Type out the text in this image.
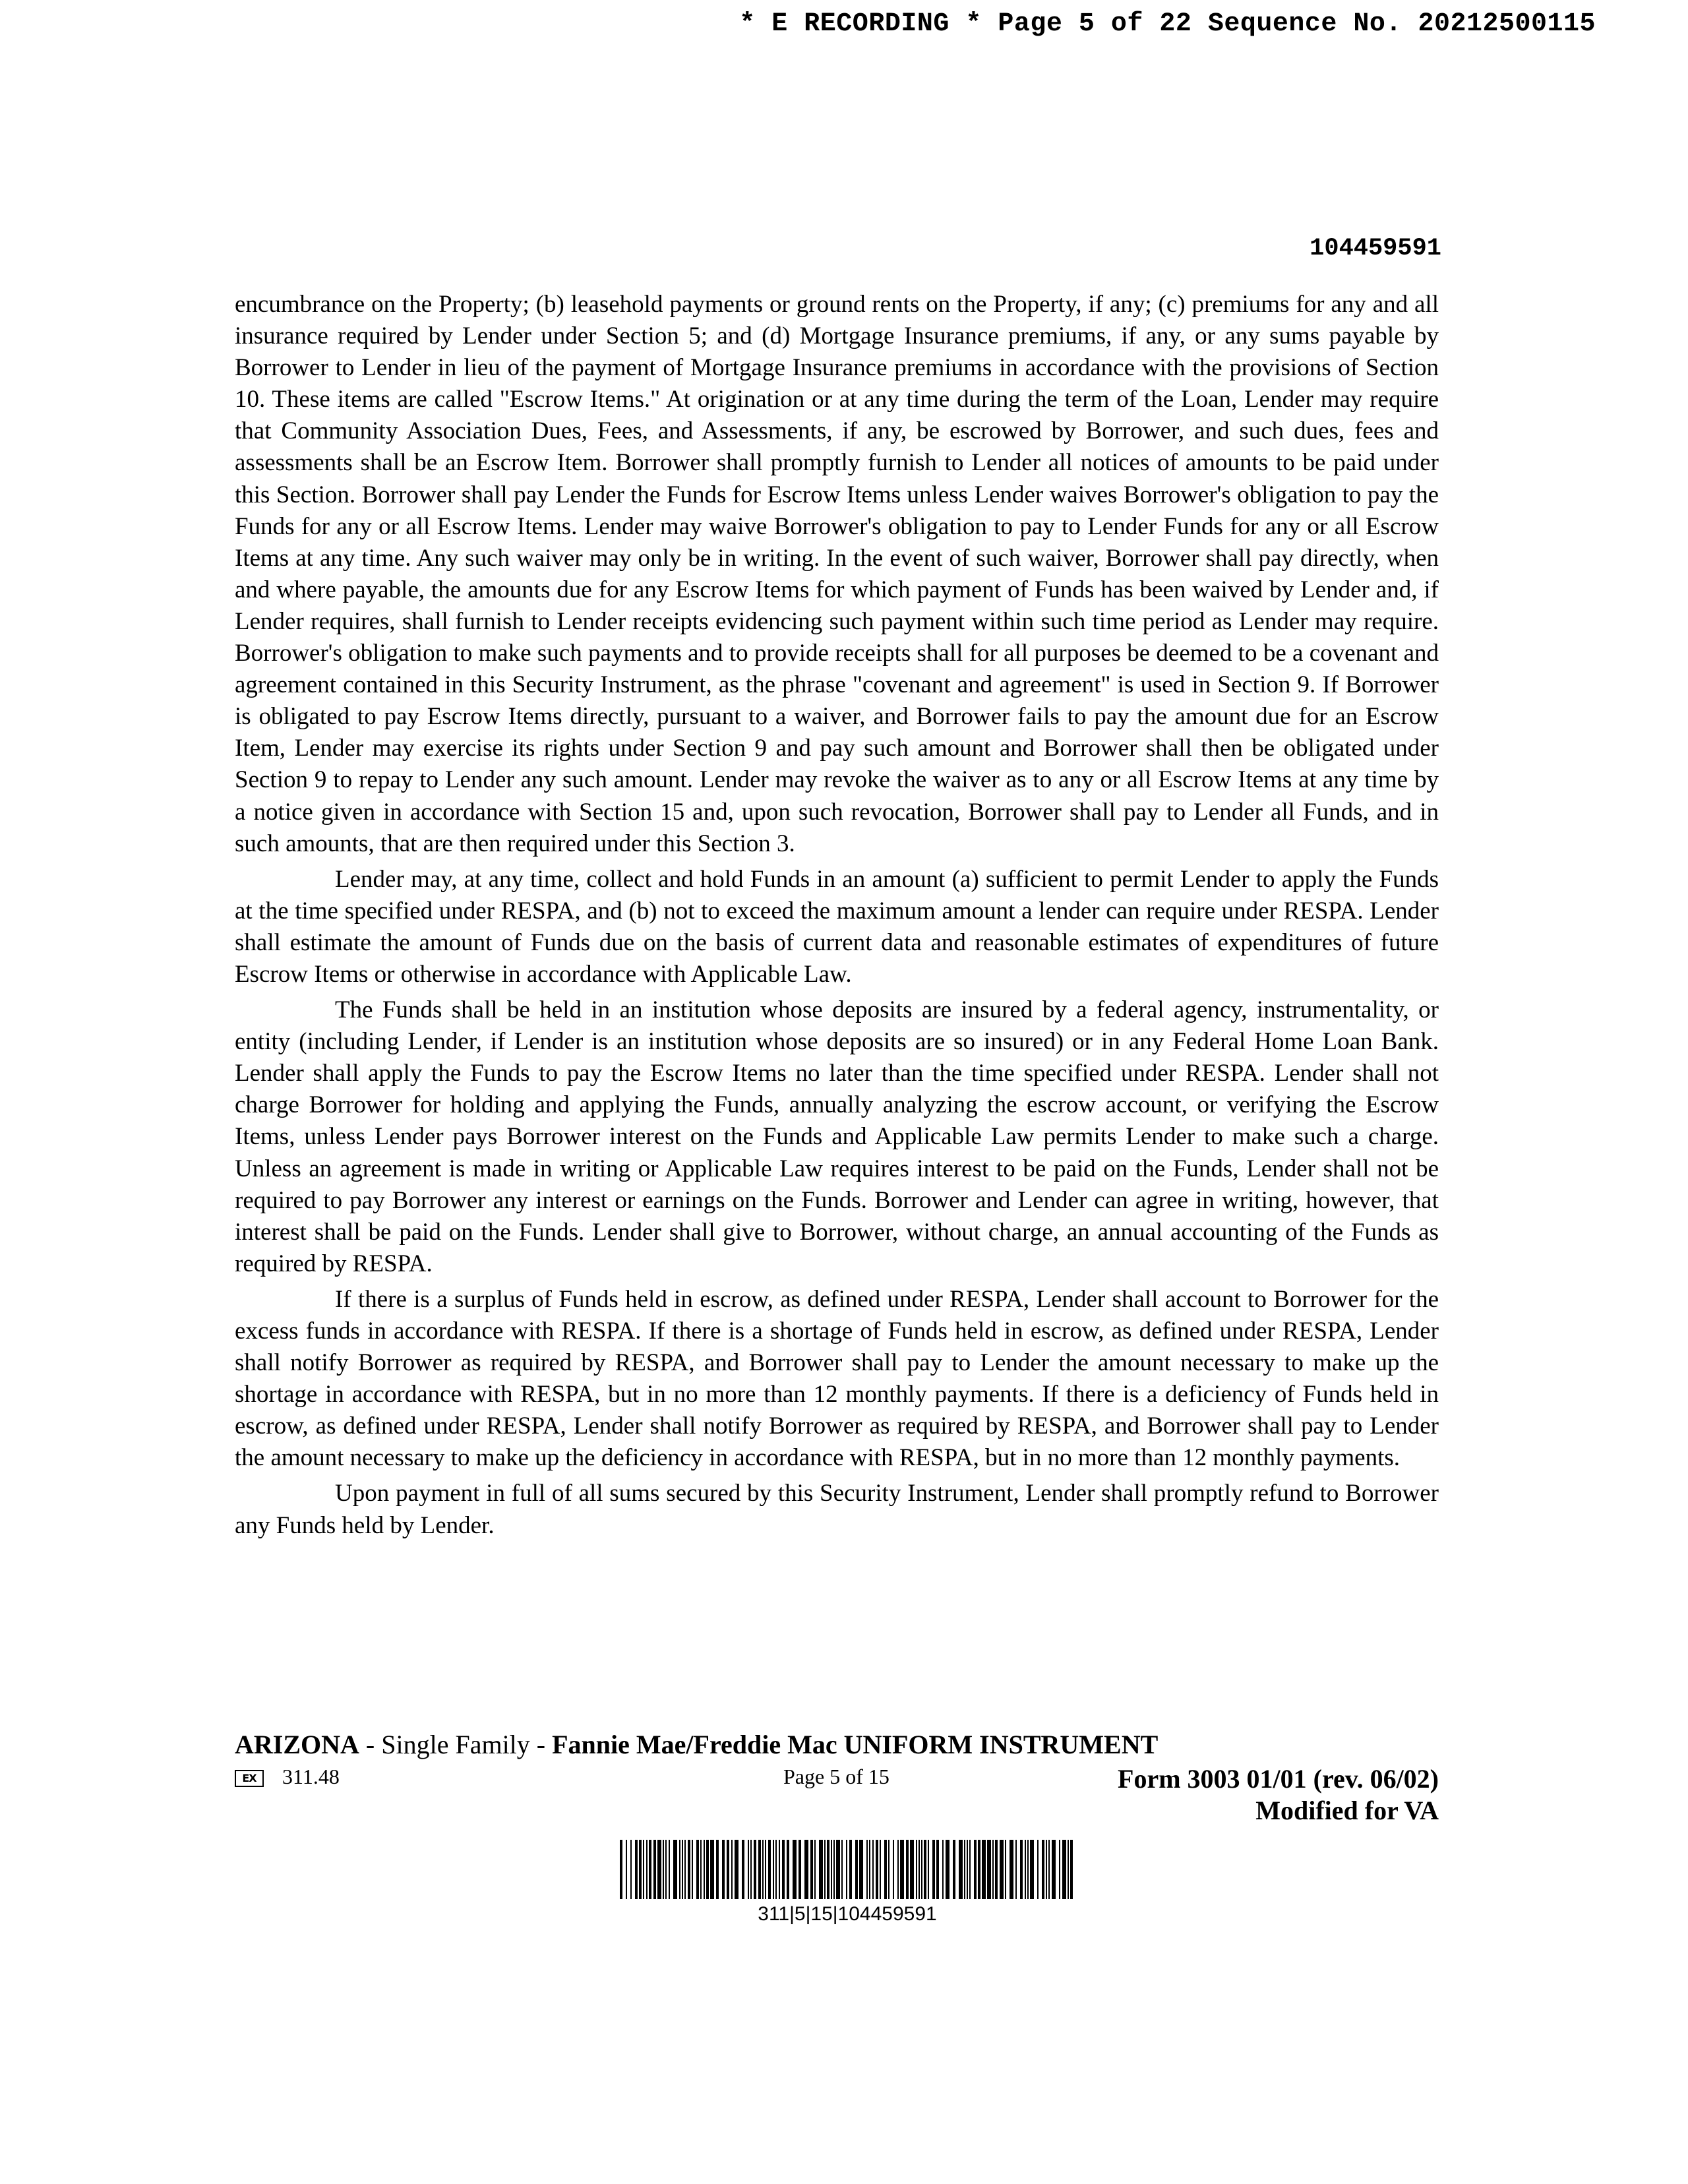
* E RECORDING * Page 5 of 22 Sequence No. 20212500115
104459591

encumbrance on the Property; (b) leasehold payments or ground rents on the Property, if any; (c) premiums for any and all insurance required by Lender under Section 5; and (d) Mortgage Insurance premiums, if any, or any sums payable by Borrower to Lender in lieu of the payment of Mortgage Insurance premiums in accordance with the provisions of Section 10. These items are called "Escrow Items." At origination or at any time during the term of the Loan, Lender may require that Community Association Dues, Fees, and Assessments, if any, be escrowed by Borrower, and such dues, fees and assessments shall be an Escrow Item. Borrower shall promptly furnish to Lender all notices of amounts to be paid under this Section. Borrower shall pay Lender the Funds for Escrow Items unless Lender waives Borrower's obligation to pay the Funds for any or all Escrow Items. Lender may waive Borrower's obligation to pay to Lender Funds for any or all Escrow Items at any time. Any such waiver may only be in writing. In the event of such waiver, Borrower shall pay directly, when and where payable, the amounts due for any Escrow Items for which payment of Funds has been waived by Lender and, if Lender requires, shall furnish to Lender receipts evidencing such payment within such time period as Lender may require. Borrower's obligation to make such payments and to provide receipts shall for all purposes be deemed to be a covenant and agreement contained in this Security Instrument, as the phrase "covenant and agreement" is used in Section 9. If Borrower is obligated to pay Escrow Items directly, pursuant to a waiver, and Borrower fails to pay the amount due for an Escrow Item, Lender may exercise its rights under Section 9 and pay such amount and Borrower shall then be obligated under Section 9 to repay to Lender any such amount. Lender may revoke the waiver as to any or all Escrow Items at any time by a notice given in accordance with Section 15 and, upon such revocation, Borrower shall pay to Lender all Funds, and in such amounts, that are then required under this Section 3.

Lender may, at any time, collect and hold Funds in an amount (a) sufficient to permit Lender to apply the Funds at the time specified under RESPA, and (b) not to exceed the maximum amount a lender can require under RESPA. Lender shall estimate the amount of Funds due on the basis of current data and reasonable estimates of expenditures of future Escrow Items or otherwise in accordance with Applicable Law.

The Funds shall be held in an institution whose deposits are insured by a federal agency, instrumentality, or entity (including Lender, if Lender is an institution whose deposits are so insured) or in any Federal Home Loan Bank. Lender shall apply the Funds to pay the Escrow Items no later than the time specified under RESPA. Lender shall not charge Borrower for holding and applying the Funds, annually analyzing the escrow account, or verifying the Escrow Items, unless Lender pays Borrower interest on the Funds and Applicable Law permits Lender to make such a charge. Unless an agreement is made in writing or Applicable Law requires interest to be paid on the Funds, Lender shall not be required to pay Borrower any interest or earnings on the Funds. Borrower and Lender can agree in writing, however, that interest shall be paid on the Funds. Lender shall give to Borrower, without charge, an annual accounting of the Funds as required by RESPA.

If there is a surplus of Funds held in escrow, as defined under RESPA, Lender shall account to Borrower for the excess funds in accordance with RESPA. If there is a shortage of Funds held in escrow, as defined under RESPA, Lender shall notify Borrower as required by RESPA, and Borrower shall pay to Lender the amount necessary to make up the shortage in accordance with RESPA, but in no more than 12 monthly payments. If there is a deficiency of Funds held in escrow, as defined under RESPA, Lender shall notify Borrower as required by RESPA, and Borrower shall pay to Lender the amount necessary to make up the deficiency in accordance with RESPA, but in no more than 12 monthly payments.

Upon payment in full of all sums secured by this Security Instrument, Lender shall promptly refund to Borrower any Funds held by Lender.

ARIZONA - Single Family - Fannie Mae/Freddie Mac UNIFORM INSTRUMENT
EX	311.48	Page 5 of 15	Form 3003 01/01 (rev. 06/02)
Modified for VA
311|5|15|104459591
